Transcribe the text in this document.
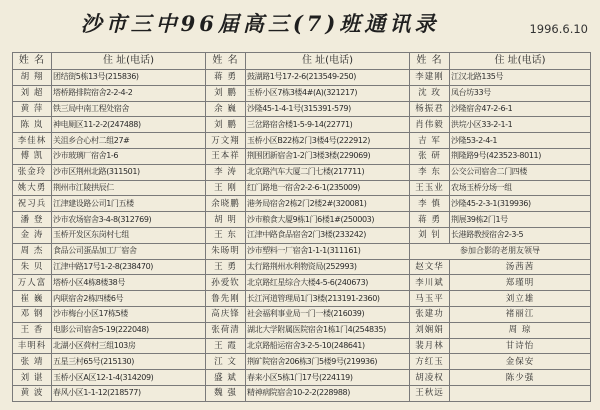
沙市三中96届高三(7)班通讯录	1996.6.10
姓 名	住 址(电话)	姓 名	住 址(电话)	姓 名	住 址(电话)
胡 翔	团结街5栋13号(215836)	蒋 勇	鼓湖路1号17-2-6(213549-250)	李建刚	江汉北路135号
刘 超	塔桥路排院宿舍2-2-4-2	刘 鹏	玉桥小区7栋3楼4#(A)(321217)	沈 玫	凤台坊33号
黄 萍	铁三局中南工程处宿舍	余 巍	沙隆45-1-4-1号(315391-579)	杨振君	沙隆宿舍47-2-6-1
陈 岚	神电厕区11-2-2(247488)	刘 鹏	三岔路宿舍楼1-5-9-14(22771)	肖伟毅	洪垸小区33-2-1-1
李佳林	关沮乡合心村二组27#	万文翔	玉桥小区B22栋2门3楼4号(222912)	吉 军	沙隆53-2-4-1
傅 凯	沙市玻璃厂宿舍1-6	王本祥	荆围团新宿舍1-2门3楼3楼(229069)	张 研	荆隆路9号(423523-8011)
张金玲	沙市区荆州北路(311501)	李 涛	北京路汽车大厦二门七楼(217711)	李 东	公交公司宿舍二门四楼
姚大勇	荆州市江陵拱辰仁	王 刚	红门路地一宿舍2-2-6-1(235009)	王玉业	农场玉桥分场一组
祝习兵	江津建设路公司1门五楼	余晓鹏	港务局宿舍2栋2门2楼2#(320081)	李 慎	沙隆45-2-3-1(319936)
潘 登	沙市农场宿舍3-4-8(312769)	胡 明	沙市粮食大厦9栋1门6楼1#(250003)	蒋 勇	荆展39栋2门1号
金 涛	玉桥开发区东岗村七组	王 东	江津中路食品宿舍2门3楼(233242)	刘 钊	长港路教授宿舍2-3-5
周 杰	食品公司蛋品加工厂宿舍	朱旸明	沙市塑料一厂宿舍1-1-1(311161)	参加合影的老朋友领导	
朱 贝	江津中路17号1-2-8(238470)	王 勇	太行路荆州水利物资局(252993)	赵文华	汤茜茜
万人富	塔桥小区4栋8楼38号	孙爱钦	北京路红星综合大楼4-5-6(240673)	李川斌	郑瑾明
崔 巍	内联宿舍2栋四楼6号	鲁先刚	长江河道管理局1门3楼(213191-2360)	马玉平	刘立雄
邓 钢	沙市梅台小区17栋5楼	高庆锋	社会福利事业局一门一楼(216039)	张建功	褚丽江
王 香	电影公司宿舍5-19(222048)	张荷清	湖北大学附属医院宿舍1栋1门4(254835)	刘娴娟	周 琼
丰明科	北湖小区荷村三组103房	王 霞	北京路船运宿舍3-2-5-10(248641)	裴月林	甘诗怡
张 靖	五星三村65号(215130)	江 文	荆矿院宿舍206栋3门5楼9号(219936)	方红玉	金保安
刘 谌	玉桥小区A区12-1-4(314209)	盛 斌	春来小区5栋1门17号(224119)	胡凌权	陈少强
黄 波	春风小区1-1-12(218577)	魏 强	精神病院宿舍10-2-2(228988)	王秋远	
